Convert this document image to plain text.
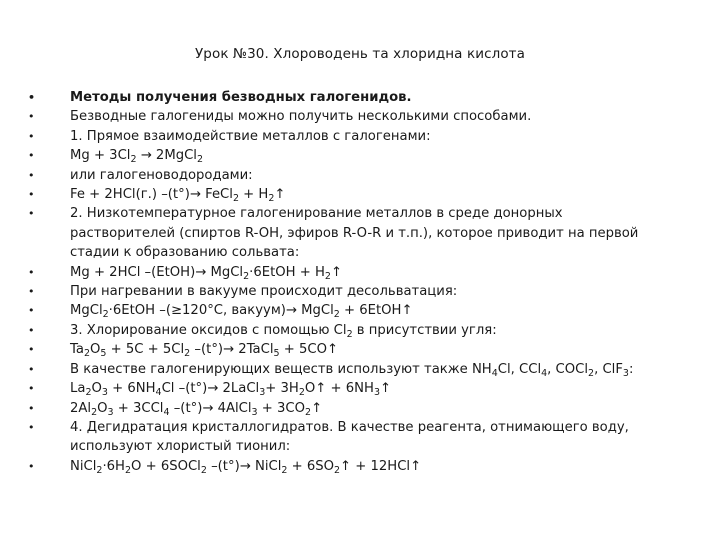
Урок №30. Хлороводень та хлоридна кислота
• Методы получения безводных галогенидов.
• Безводные галогениды можно получить несколькими способами.
• 1. Прямое взаимодействие металлов с галогенами:
• $Mg + 3Cl_2$ → 2MgCl$_2$
• или галогеноводородами:
• Fe + 2HCl(г.) –(t°)→ FeCl$_2$ + $H_2↑$
• 2. Низкотемпературное галогенирование металлов в среде донорных растворителей (спиртов R-OH, эфиров R-O-R и т.п.), которое приводит на первой стадии к образованию сольвата:
• Mg + 2HCl –(EtOH)→ MgCl$_2$·6EtOH + $H_2↑$
• При нагревании в вакууме происходит десольватация:
• MgCl$_2$·6EtOH –(≥120°C, вакуум)→ MgCl$_2$ + 6EtOH↑
• 3. Хлорирование оксидов с помощью $Cl_2$ в присутствии угля:
• $Ta_2O_5 + 5C + 5Cl_2$ –(t°)→ 2TaCl$_5$ + 5CO↑
• В качестве галогенирующих веществ используют также $NH_4Cl$, CCl$_4$, COCl$_2$, ClF$_3$:
• $La_2O_3 + 6NH_4Cl$ –(t°)→ 2LaCl$_3$+ $3H_2O↑$ + $6NH_3↑$
• $2Al_2O_3 + 3CCl_4$ –(t°)→ 4AlCl$_3$ + $3CO_2↑$
• 4. Дегидратация кристаллогидратов. В качестве реагента, отнимающего воду, используют хлористый тионил:
• $NiCl_2\cdot 6H_2O$ + 6SOCl$_2$ –(t°)→ NiCl$_2$ + $6SO_2↑$ + 12HCl↑
